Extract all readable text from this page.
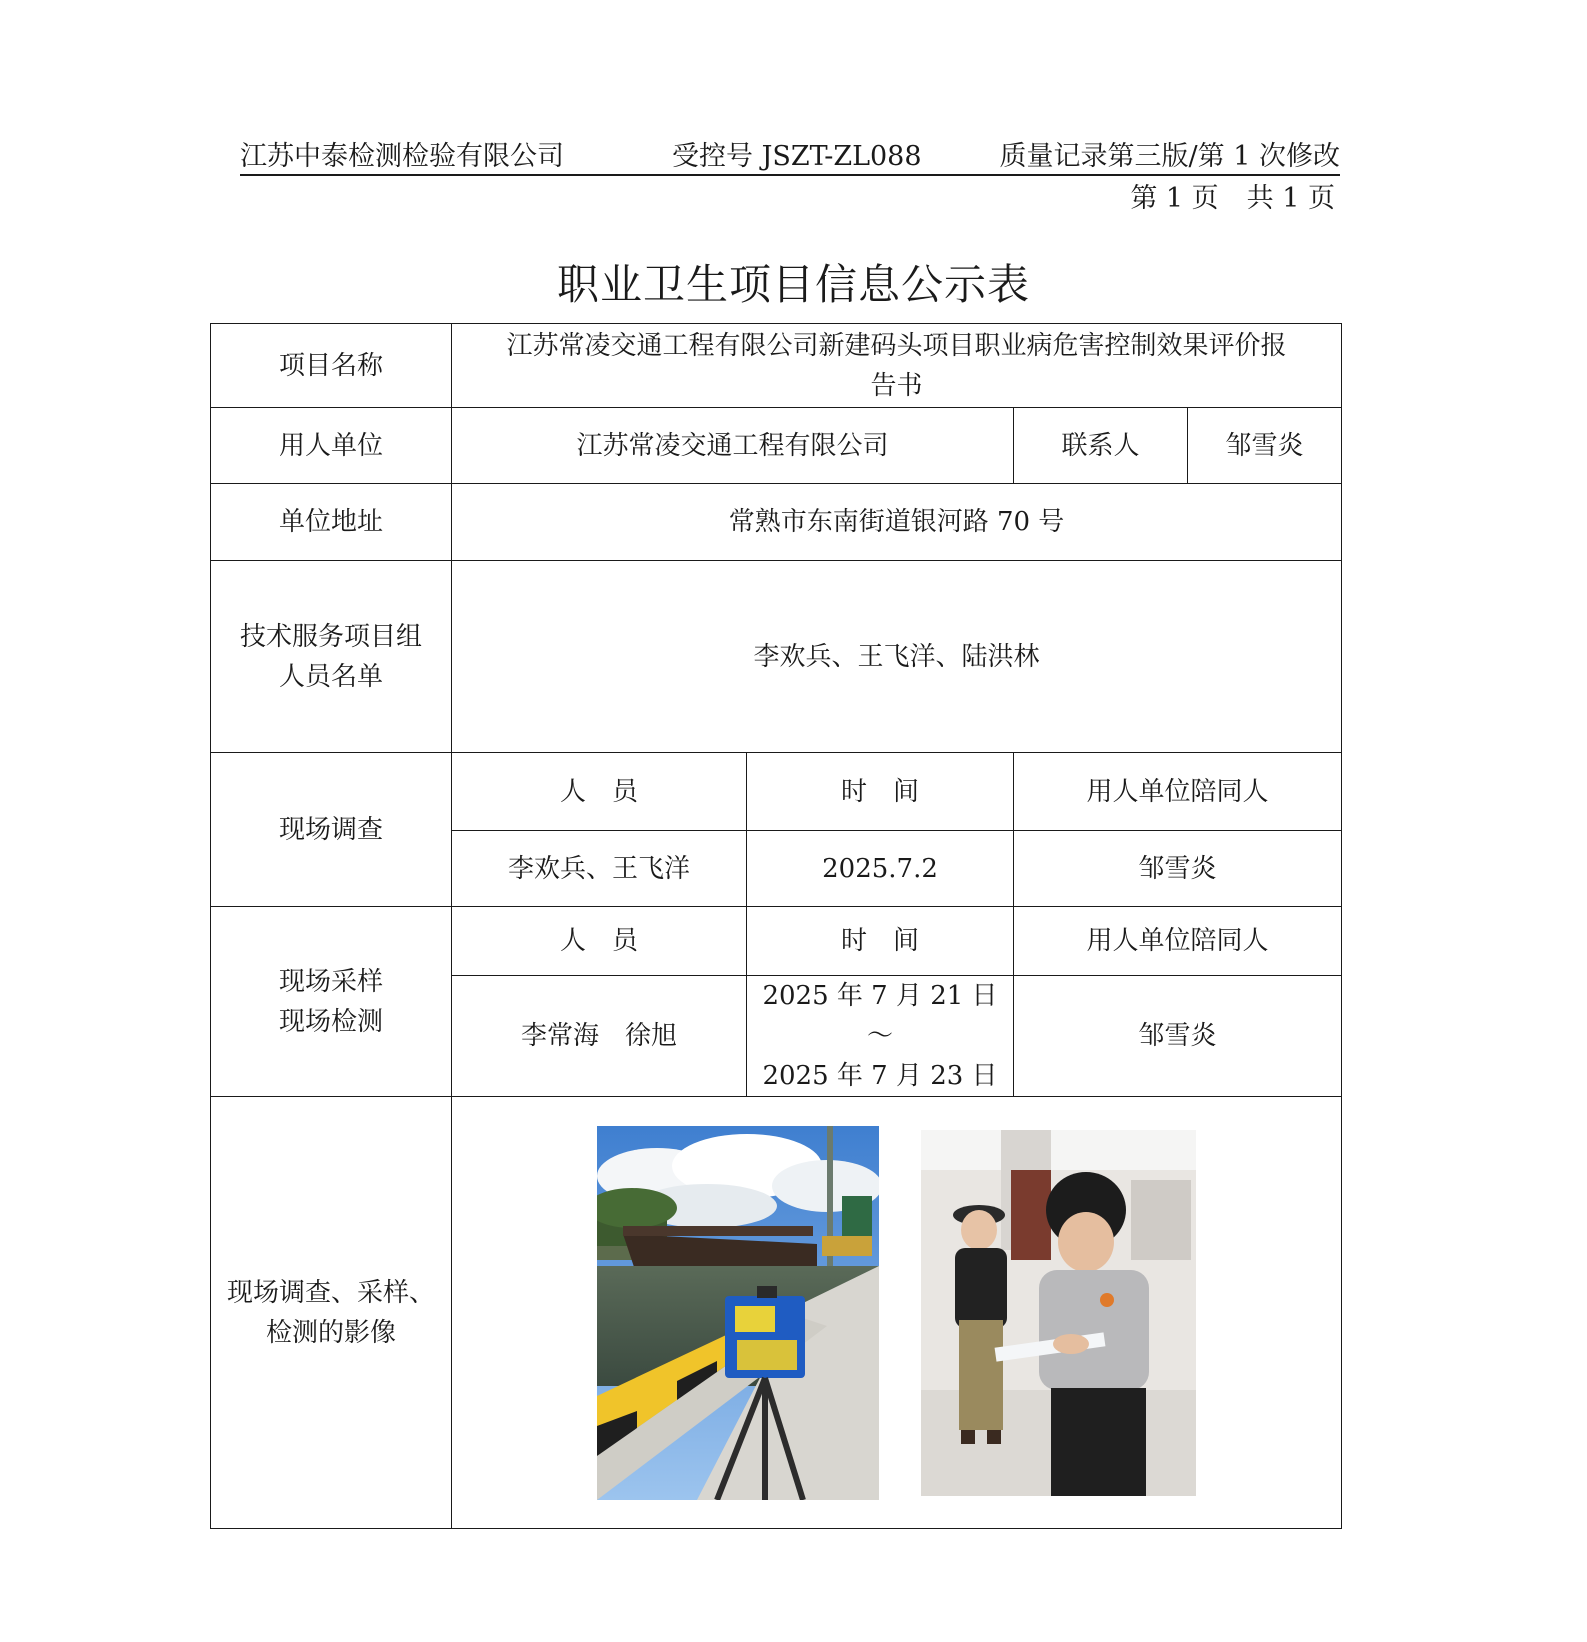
江苏中泰检测检验有限公司	受控号 JSZT-ZL088	质量记录第三版/第 1 次修改
第 1 页 共 1 页
职业卫生项目信息公示表
项目名称	江苏常凌交通工程有限公司新建码头项目职业病危害控制效果评价报
告书			

用人单位	江苏常凌交通工程有限公司		联系人	邹雪炎
单位地址	常熟市东南街道银河路 70 号			

技术服务项目组
人员名单	李欢兵、王飞洋、陆洪林			
现场调查	人　员	时　间	用人单位陪同人	
	李欢兵、王飞洋	2025.7.2	邹雪炎	

现场采样
现场检测	人　员	时　间	用人单位陪同人	
	李常海　徐旭	2025 年 7 月 21 日～
2025 年 7 月 23 日	邹雪炎	

现场调查、采样、
检测的影像
